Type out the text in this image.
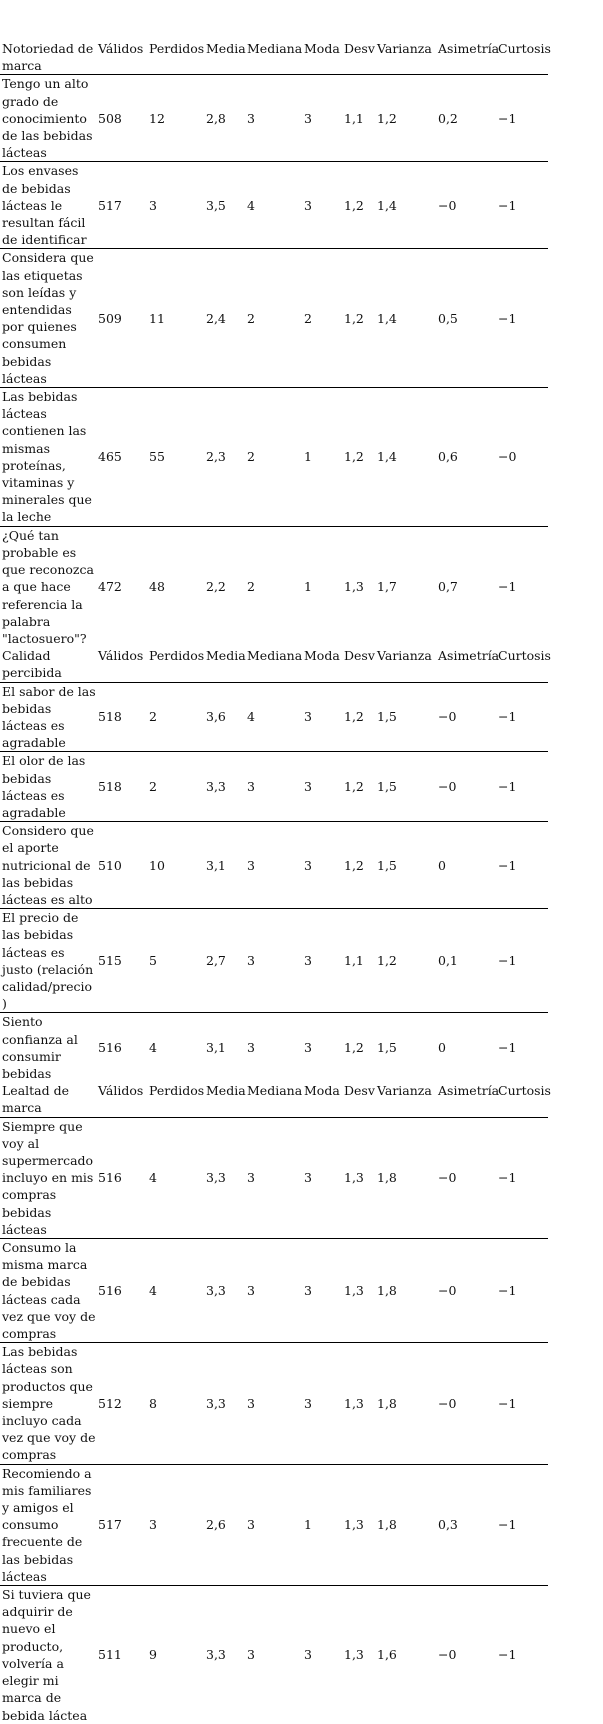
Notoriedad de marca	Válidos	Perdidos	Media	Mediana	Moda	Desv	Varianza	Asimetría	Curtosis
Tengo un alto grado de conocimiento de las bebidas lácteas	508	12	2,8	3	3	1,1	1,2	0,2	−1
Los envases de bebidas lácteas le resultan fácil de identificar	517	3	3,5	4	3	1,2	1,4	−0	−1
Considera que las etiquetas son leídas y entendidas por quienes consumen bebidas lácteas	509	11	2,4	2	2	1,2	1,4	0,5	−1
Las bebidas lácteas contienen las mismas proteínas, vitaminas y minerales que la leche	465	55	2,3	2	1	1,2	1,4	0,6	−0
¿Qué tan probable es que reconozca a que hace referencia la palabra "lactosuero"?	472	48	2,2	2	1	1,3	1,7	0,7	−1
Calidad percibida	Válidos	Perdidos	Media	Mediana	Moda	Desv	Varianza	Asimetría	Curtosis
El sabor de las bebidas lácteas es agradable	518	2	3,6	4	3	1,2	1,5	−0	−1
El olor de las bebidas lácteas es agradable	518	2	3,3	3	3	1,2	1,5	−0	−1
Considero que el aporte nutricional de las bebidas lácteas es alto	510	10	3,1	3	3	1,2	1,5	0	−1
El precio de las bebidas lácteas es justo (relación calidad/precio)	515	5	2,7	3	3	1,1	1,2	0,1	−1
Siento confianza al consumir bebidas	516	4	3,1	3	3	1,2	1,5	0	−1
Lealtad de marca	Válidos	Perdidos	Media	Mediana	Moda	Desv	Varianza	Asimetría	Curtosis
Siempre que voy al supermercado incluyo en mis compras bebidas lácteas	516	4	3,3	3	3	1,3	1,8	−0	−1
Consumo la misma marca de bebidas lácteas cada vez que voy de compras	516	4	3,3	3	3	1,3	1,8	−0	−1
Las bebidas lácteas son productos que siempre incluyo cada vez que voy de compras	512	8	3,3	3	3	1,3	1,8	−0	−1
Recomiendo a mis familiares y amigos el consumo frecuente de las bebidas lácteas	517	3	2,6	3	1	1,3	1,8	0,3	−1
Si tuviera que adquirir de nuevo el producto, volvería a elegir mi marca de bebida láctea	511	9	3,3	3	3	1,3	1,6	−0	−1
